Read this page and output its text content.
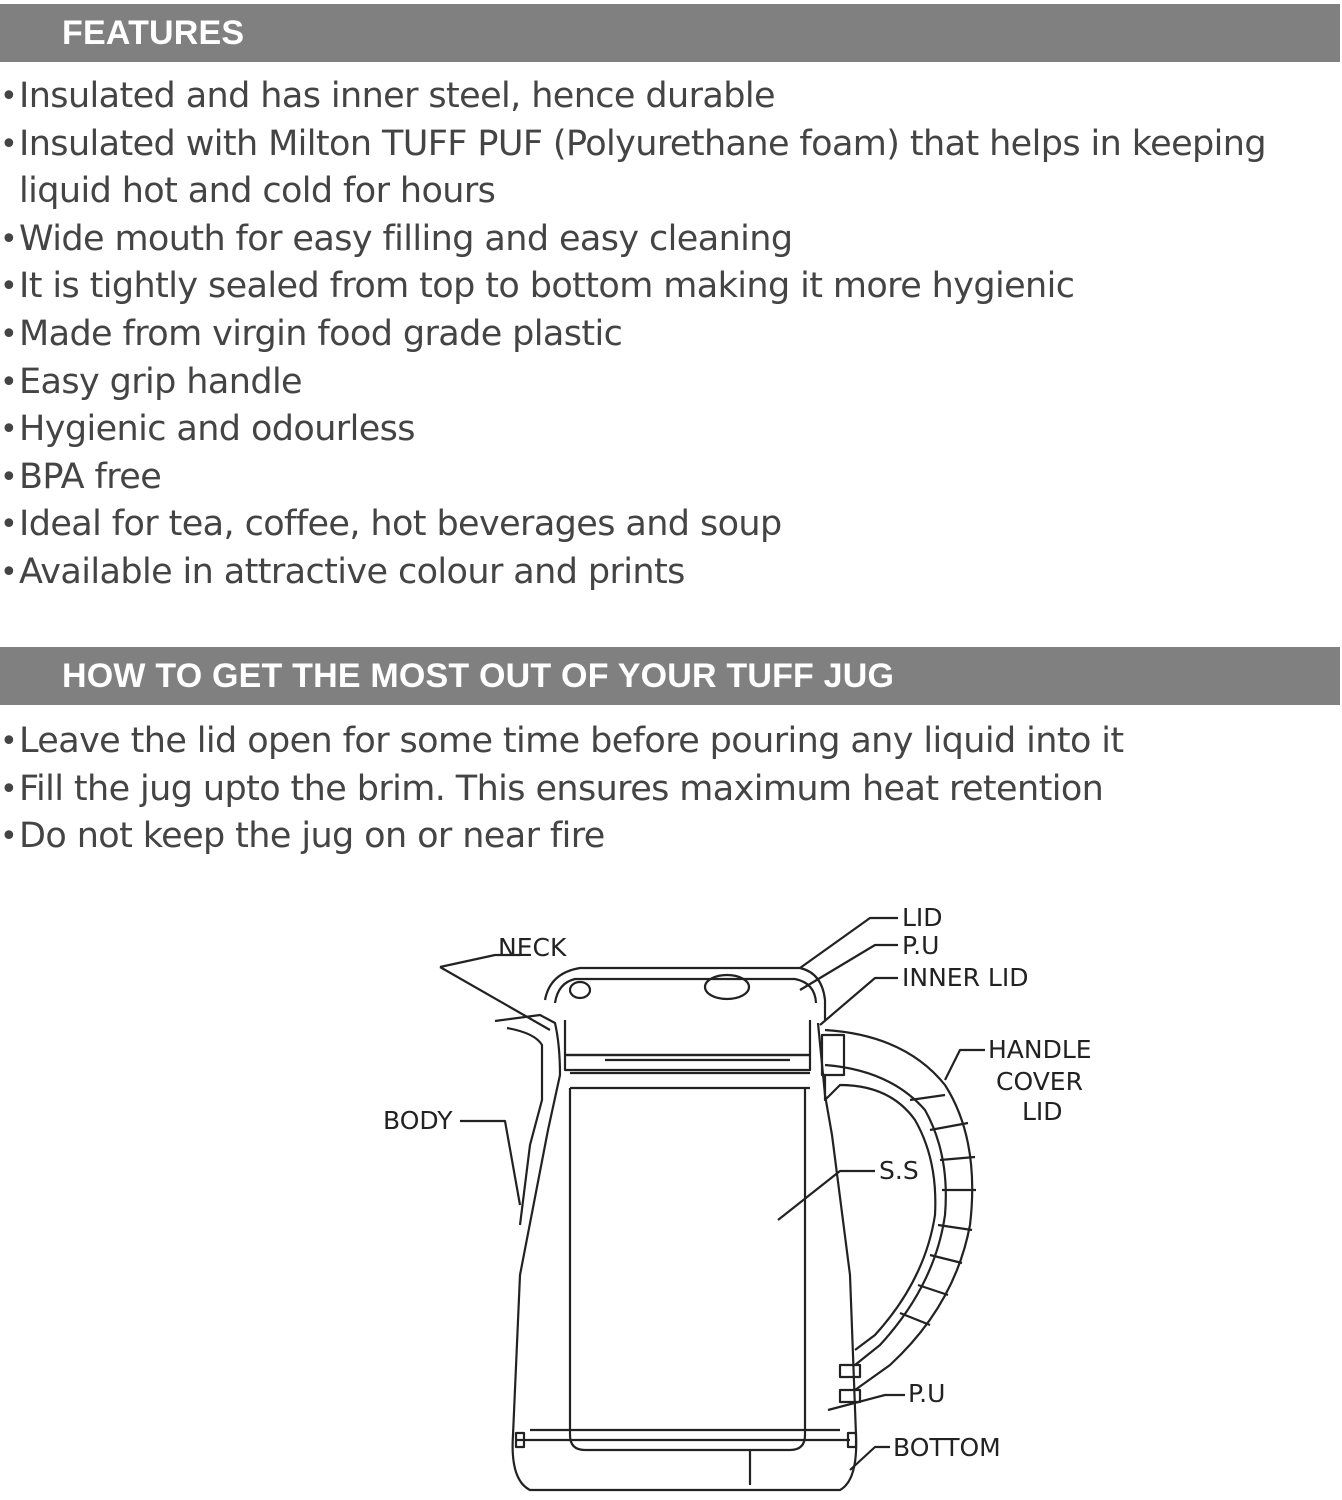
FEATURES
• Insulated and has inner steel, hence durable
• Insulated with Milton TUFF PUF (Polyurethane foam) that helps in keeping liquid hot and cold for hours
• Wide mouth for easy filling and easy cleaning
• It is tightly sealed from top to bottom making it more hygienic
• Made from virgin food grade plastic
• Easy grip handle
• Hygienic and odourless
• BPA free
• Ideal for tea, coffee, hot beverages and soup
• Available in attractive colour and prints
HOW TO GET THE MOST OUT OF YOUR TUFF JUG
• Leave the lid open for some time before pouring any liquid into it
• Fill the jug upto the brim. This ensures maximum heat retention
• Do not keep the jug on or near fire
LID
P.U
INNER LID
NECK
HANDLE
COVER
LID
BODY
S.S
P.U
BOTTOM
